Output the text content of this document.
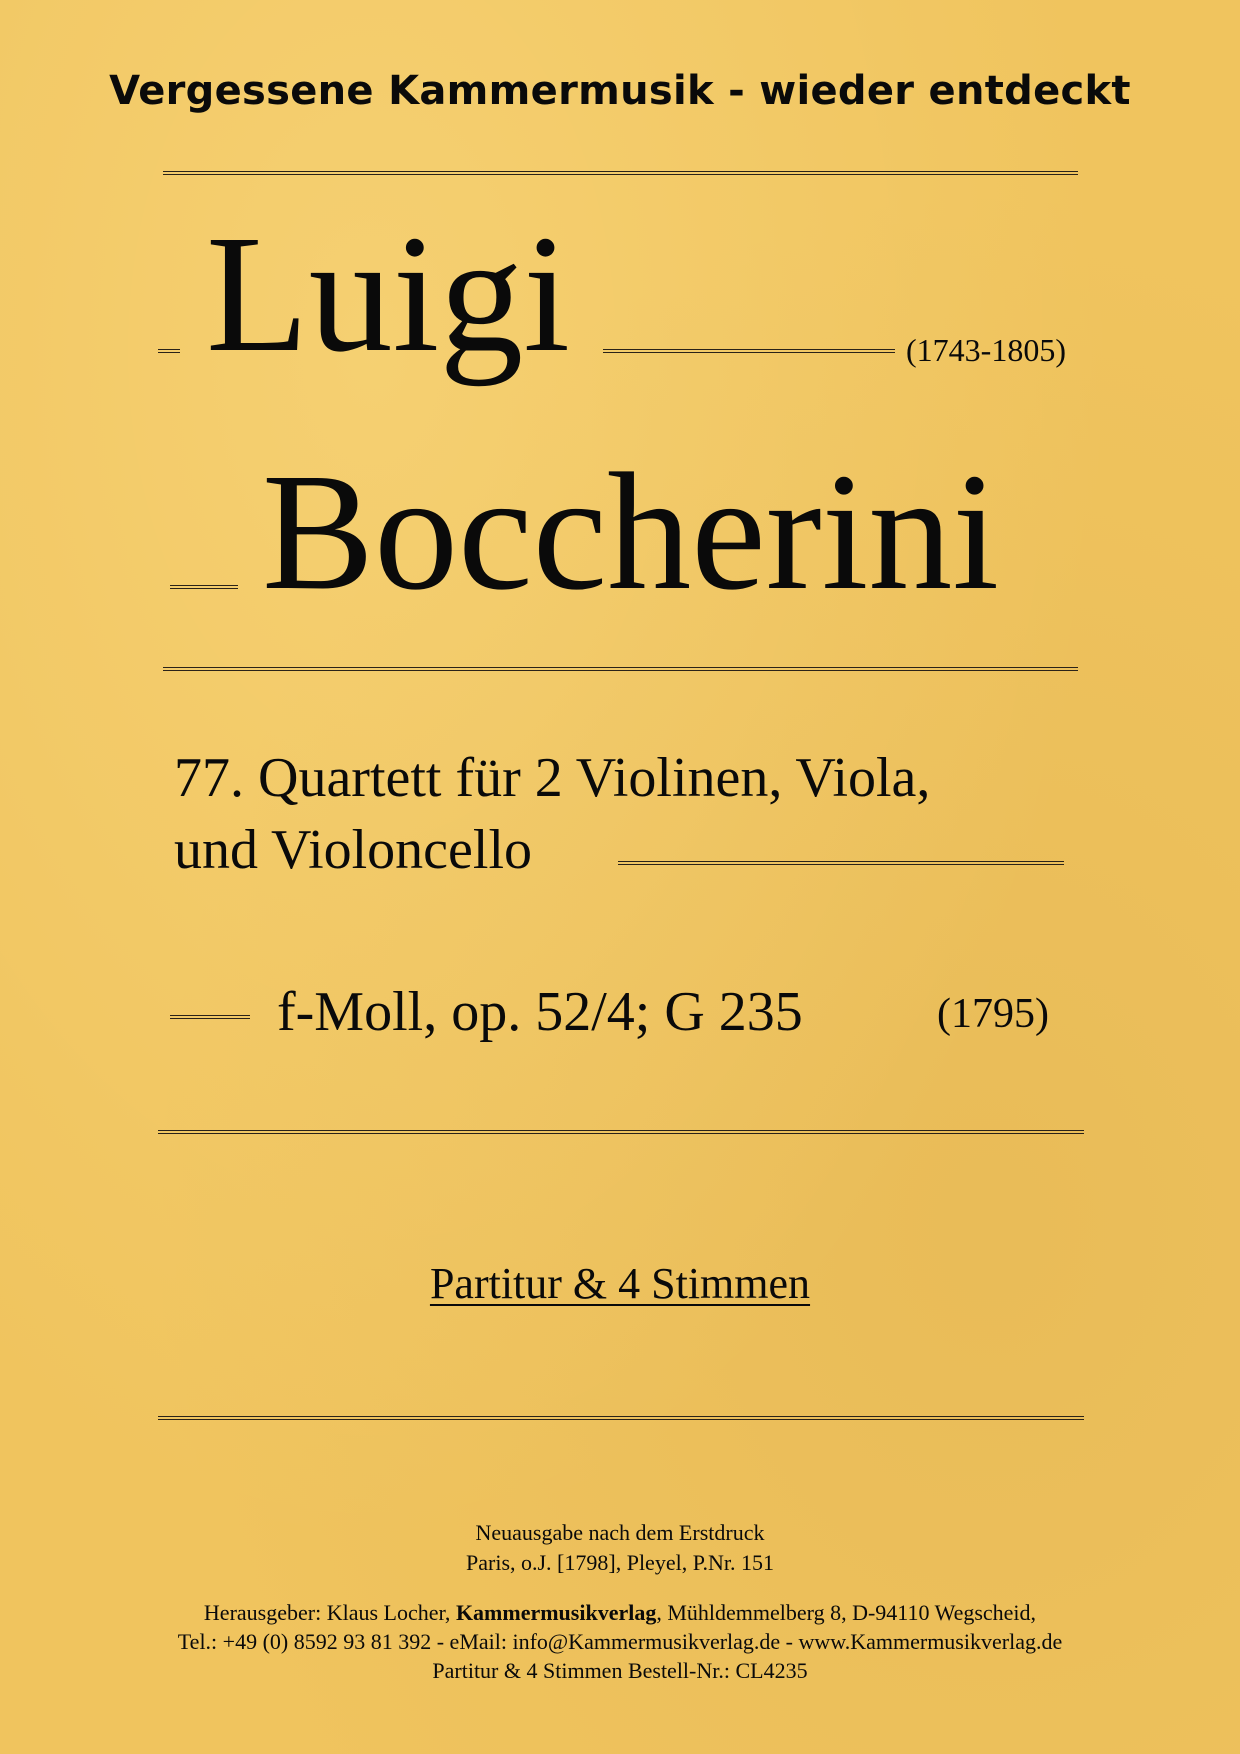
Vergessene Kammermusik - wieder entdeckt
Luigi	(1743-1805)
Boccherini
77. Quartett für 2 Violinen, Viola,
und Violoncello
f-Moll, op. 52/4; G 235	(1795)
Partitur & 4 Stimmen
Neuausgabe nach dem Erstdruck
Paris, o.J. [1798], Pleyel, P.Nr. 151
Herausgeber: Klaus Locher, Kammermusikverlag, Mühldemmelberg 8, D-94110 Wegscheid,
Tel.: +49 (0) 8592 93 81 392 - eMail: info@Kammermusikverlag.de - www.Kammermusikverlag.de
Partitur & 4 Stimmen Bestell-Nr.: CL4235
